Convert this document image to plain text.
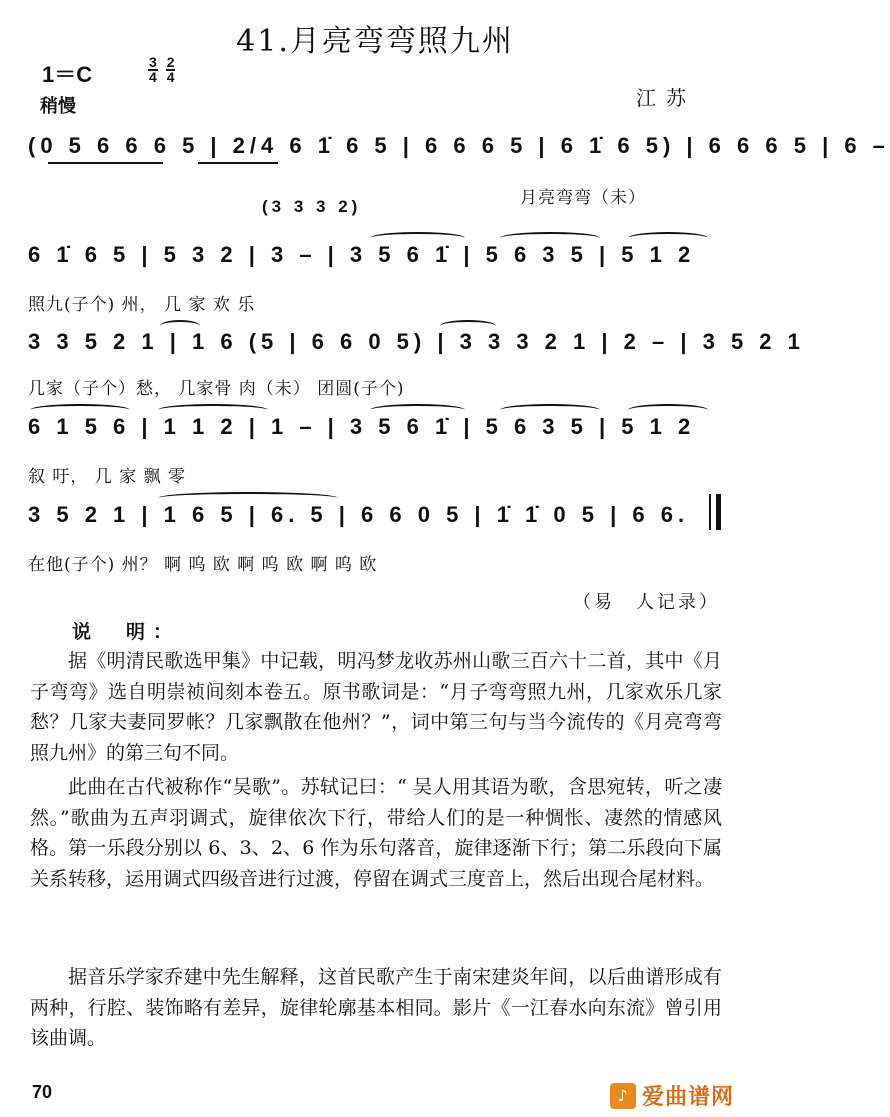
41.月亮弯弯照九州
1＝C	$\frac{3}{4}$
$\frac{2}{4}$
稍慢	江苏
(0 5 6 6 6 5 | 2/4 6 1̇ 6 5 | 6 6 6 5 | 6 1̇ 6 5) | 6 6 6 5 | 6 –
月亮弯弯（未）
(3 3 3 2)
6 1̇ 6 5 | 5 3 2 | 3 – | 3 5 6 1̇ | 5 6 3 5 | 5 1 2
照九(子个) 州， 几 家 欢 乐
3 3 5 2 1 | 1 6 (5 | 6 6 0 5) | 3 3 3 2 1 | 2 – | 3 5 2 1
几家（子个）愁， 几家骨 肉（未） 团圆(子个)
6 1 5 6 | 1 1 2 | 1 – | 3 5 6 1̇ | 5 6 3 5 | 5 1 2
叙 吁， 几 家 飘 零
3 5 2 1 | 1 6 5 | 6. 5 | 6 6 0 5 | 1̇ 1̇ 0 5 | 6 6.
在他(子个) 州？ 啊 呜 欧 啊 呜 欧 啊 呜 欧
（易　人记录）
说　明：
据《明清民歌选甲集》中记载，明冯梦龙收苏州山歌三百六十二首，其中《月子弯弯》选自明崇祯间刻本卷五。原书歌词是：“月子弯弯照九州，几家欢乐几家愁？几家夫妻同罗帐？几家飘散在他州？”，词中第三句与当今流传的《月亮弯弯照九州》的第三句不同。
此曲在古代被称作“吴歌”。苏轼记曰：“ 吴人用其语为歌，含思宛转，听之凄然。”歌曲为五声羽调式，旋律依次下行，带给人们的是一种惆怅、凄然的情感风格。第一乐段分别以 6、3、2、6 作为乐句落音，旋律逐渐下行；第二乐段向下属关系转移，运用调式四级音进行过渡，停留在调式三度音上，然后出现合尾材料。
据音乐学家乔建中先生解释，这首民歌产生于南宋建炎年间，以后曲谱形成有两种，行腔、装饰略有差异，旋律轮廓基本相同。影片《一江春水向东流》曾引用该曲调。
70	♪ 爱曲谱网
